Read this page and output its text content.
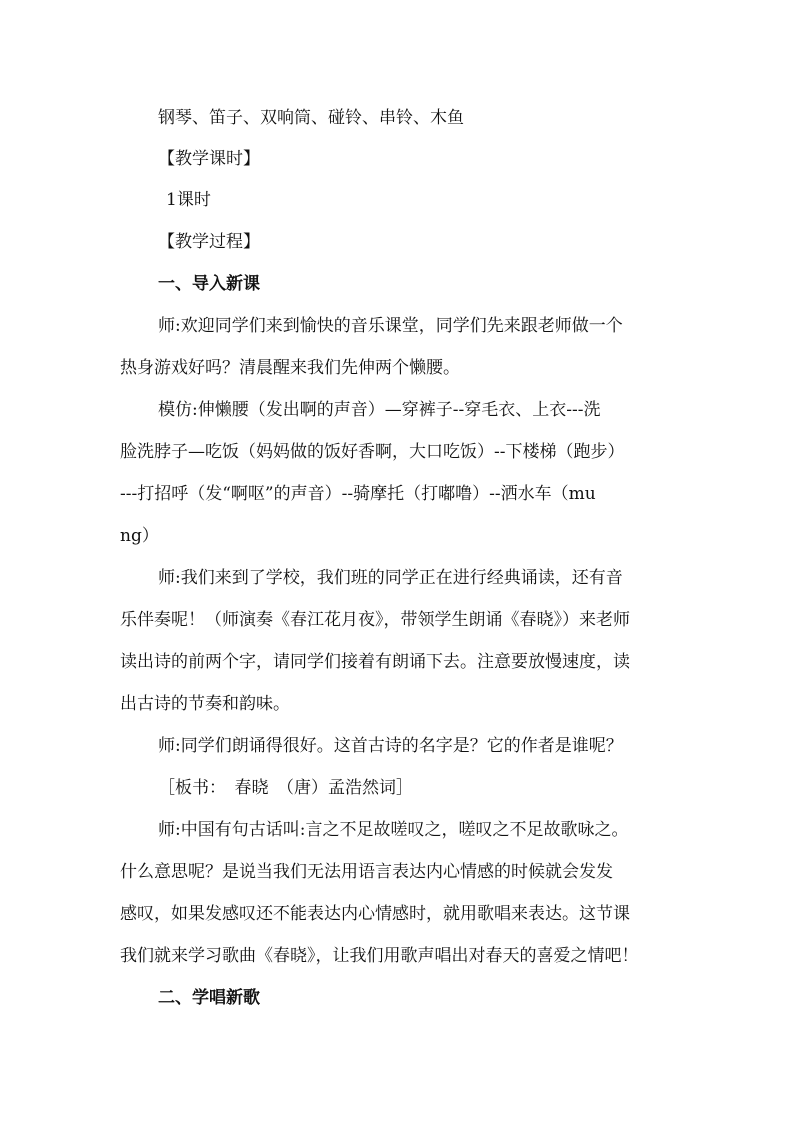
钢琴、笛子、双响筒、碰铃、串铃、木鱼
【教学课时】
1课时
【教学过程】
一、导入新课
师:欢迎同学们来到愉快的音乐课堂，同学们先来跟老师做一个
热身游戏好吗？清晨醒来我们先伸两个懒腰。
模仿:伸懒腰（发出啊的声音）—穿裤子--穿毛衣、上衣---洗
脸洗脖子—吃饭（妈妈做的饭好香啊，大口吃饭）--下楼梯（跑步）
---打招呼（发“啊呕”的声音）--骑摩托（打嘟噜）--洒水车（mu
ng）
师:我们来到了学校，我们班的同学正在进行经典诵读，还有音
乐伴奏呢！（师演奏《春江花月夜》，带领学生朗诵《春晓》）来老师
读出诗的前两个字，请同学们接着有朗诵下去。注意要放慢速度，读
出古诗的节奏和韵味。
师:同学们朗诵得很好。这首古诗的名字是？它的作者是谁呢？
［板书：　春晓　（唐）孟浩然词］
师:中国有句古话叫:言之不足故嗟叹之，嗟叹之不足故歌咏之。
什么意思呢？是说当我们无法用语言表达内心情感的时候就会发发
感叹，如果发感叹还不能表达内心情感时，就用歌唱来表达。这节课
我们就来学习歌曲《春晓》，让我们用歌声唱出对春天的喜爱之情吧！
二、学唱新歌
